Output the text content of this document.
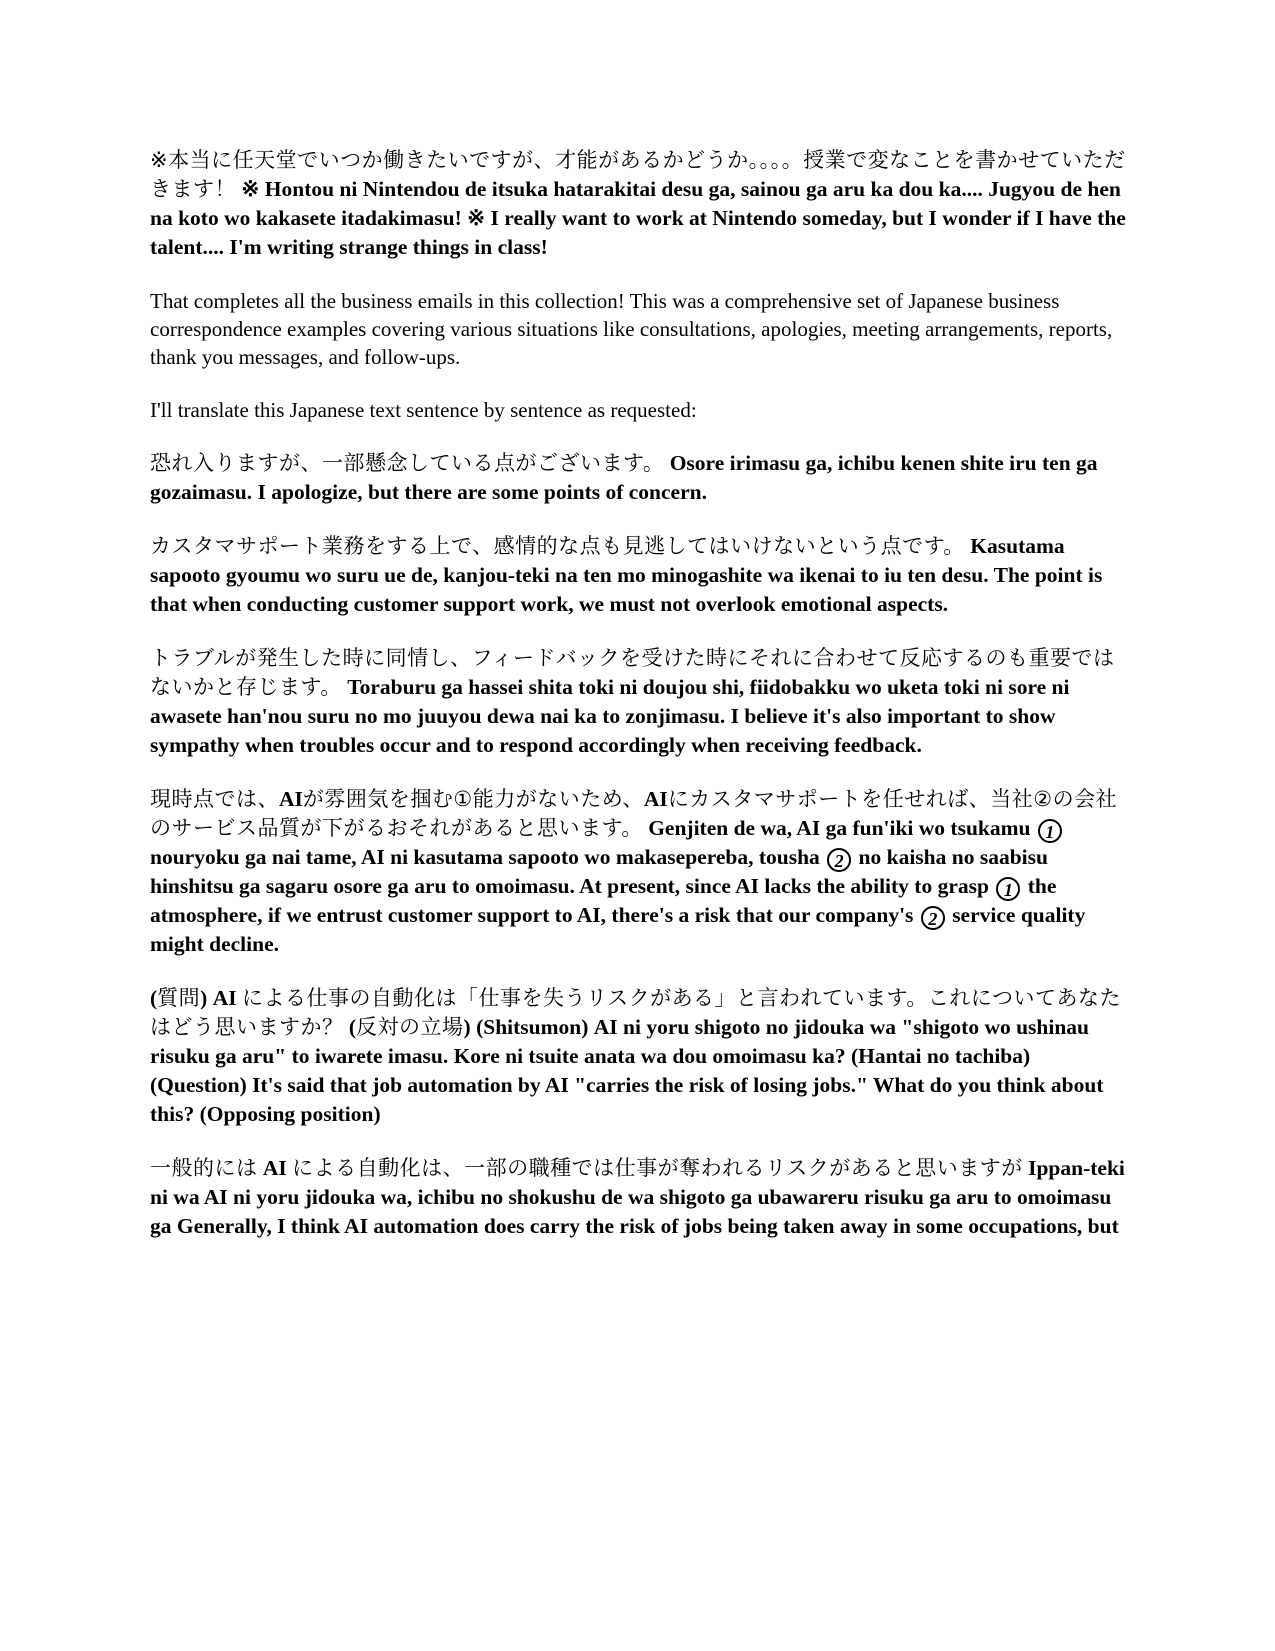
※本当に任天堂でいつか働きたいですが、才能があるかどうか。。。。授業で変なことを書かせていただきます！ ※ Hontou ni Nintendou de itsuka hatarakitai desu ga, sainou ga aru ka dou ka.... Jugyou de hen na koto wo kakasete itadakimasu! ※ I really want to work at Nintendo someday, but I wonder if I have the talent.... I'm writing strange things in class!

That completes all the business emails in this collection! This was a comprehensive set of Japanese business correspondence examples covering various situations like consultations, apologies, meeting arrangements, reports, thank you messages, and follow-ups.

I'll translate this Japanese text sentence by sentence as requested:

恐れ入りますが、一部懸念している点がございます。 Osore irimasu ga, ichibu kenen shite iru ten ga gozaimasu. I apologize, but there are some points of concern.

カスタマサポート業務をする上で、感情的な点も見逃してはいけないという点です。 Kasutama sapooto gyoumu wo suru ue de, kanjou-teki na ten mo minogashite wa ikenai to iu ten desu. The point is that when conducting customer support work, we must not overlook emotional aspects.

トラブルが発生した時に同情し、フィードバックを受けた時にそれに合わせて反応するのも重要ではないかと存じます。 Toraburu ga hassei shita toki ni doujou shi, fiidobakku wo uketa toki ni sore ni awasete han'nou suru no mo juuyou dewa nai ka to zonjimasu. I believe it's also important to show sympathy when troubles occur and to respond accordingly when receiving feedback.

現時点では、AIが雰囲気を掴む①能力がないため、AIにカスタマサポートを任せれば、当社②の会社のサービス品質が下がるおそれがあると思います。 Genjiten de wa, AI ga fun'iki wo tsukamu 1 nouryoku ga nai tame, AI ni kasutama sapooto wo makasepereba, tousha 2 no kaisha no saabisu hinshitsu ga sagaru osore ga aru to omoimasu. At present, since AI lacks the ability to grasp 1 the atmosphere, if we entrust customer support to AI, there's a risk that our company's 2 service quality might decline.

(質問) AI による仕事の自動化は「仕事を失うリスクがある」と言われています。これについてあなたはどう思いますか？ (反対の立場) (Shitsumon) AI ni yoru shigoto no jidouka wa "shigoto wo ushinau risuku ga aru" to iwarete imasu. Kore ni tsuite anata wa dou omoimasu ka? (Hantai no tachiba) (Question) It's said that job automation by AI "carries the risk of losing jobs." What do you think about this? (Opposing position)

一般的には AI による自動化は、一部の職種では仕事が奪われるリスクがあると思いますが Ippan-teki ni wa AI ni yoru jidouka wa, ichibu no shokushu de wa shigoto ga ubawareru risuku ga aru to omoimasu ga Generally, I think AI automation does carry the risk of jobs being taken away in some occupations, but
